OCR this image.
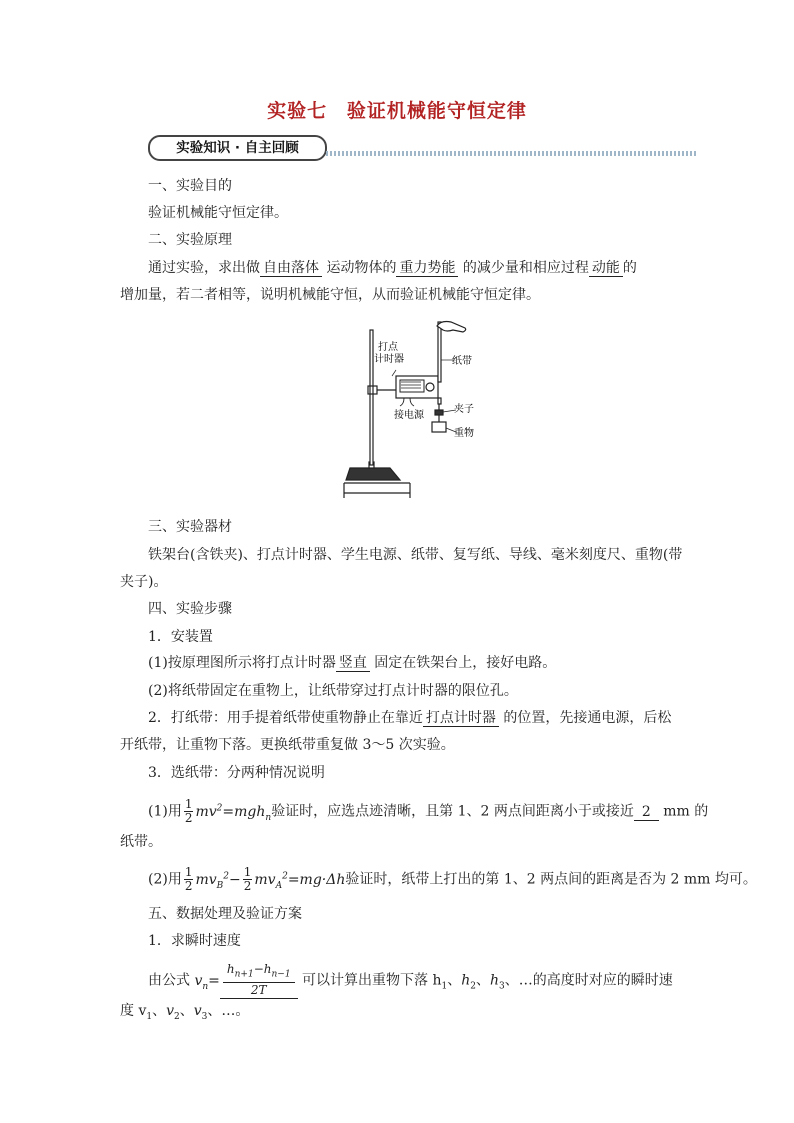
实验七 验证机械能守恒定律
实验知识 · 自主回顾
一、实验目的
验证机械能守恒定律。
二、实验原理
通过实验，求出做 自由落体 运动物体的 重力势能 的减少量和相应过程 动能 的
增加量，若二者相等，说明机械能守恒，从而验证机械能守恒定律。
打点
计时器	纸带
夹子
接电源
重物
三、实验器材
铁架台(含铁夹)、打点计时器、学生电源、纸带、复写纸、导线、毫米刻度尺、重物(带
夹子)。
四、实验步骤
1．安装置
(1)按原理图所示将打点计时器 竖直 固定在铁架台上，接好电路。
(2)将纸带固定在重物上，让纸带穿过打点计时器的限位孔。
2．打纸带：用手提着纸带使重物静止在靠近 打点计时器 的位置，先接通电源，后松
开纸带，让重物下落。更换纸带重复做 3～5 次实验。
3．选纸带：分两种情况说明
(1)用 $\frac{1}{2} mv^2=mgh_n$验证时，应选点迹清晰，且第 1、2 两点间距离小于或接近 2 mm 的
纸带。
(2)用 $\frac{1}{2} mv_B^2- \frac{1}{2} mv_A^2=mg\cdot\Delta h$验证时，纸带上打出的第 1、2 两点间的距离是否为 2 mm 均可。
五、数据处理及验证方案
1．求瞬时速度
由公式 $v_n= \frac{h_{n+1}-h_{n-1}}{2T}$ 可以计算出重物下落 $h_1$、$h_2$、$h_3$、…的高度时对应的瞬时速
度 $v_1$、$v_2$、$v_3$、…。
